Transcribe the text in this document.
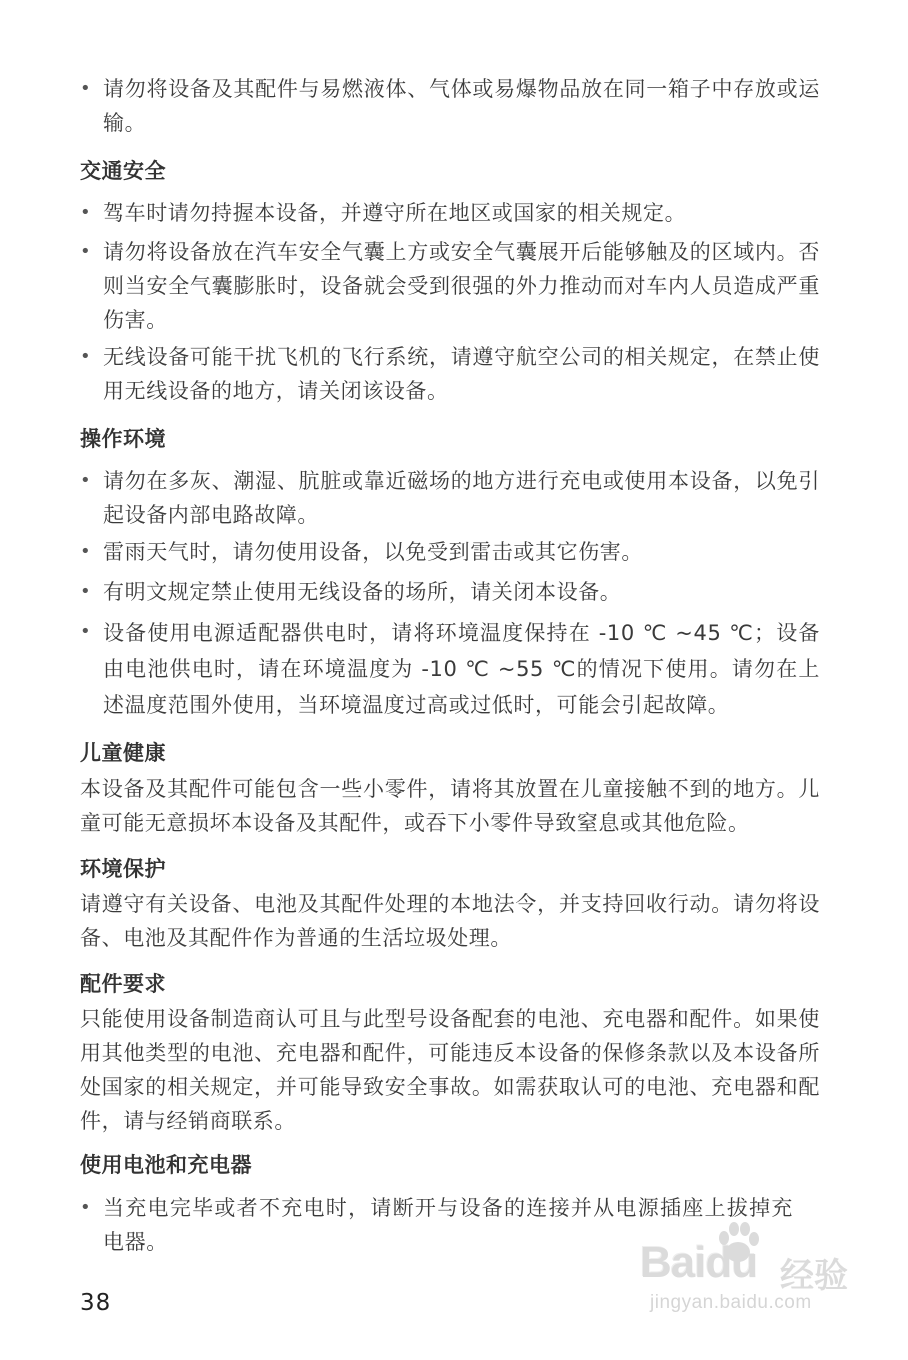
• 请勿将设备及其配件与易燃液体、气体或易爆物品放在同一箱子中存放或运输。

交通安全
• 驾车时请勿持握本设备，并遵守所在地区或国家的相关规定。

• 请勿将设备放在汽车安全气囊上方或安全气囊展开后能够触及的区域内。否则当安全气囊膨胀时，设备就会受到很强的外力推动而对车内人员造成严重伤害。

• 无线设备可能干扰飞机的飞行系统，请遵守航空公司的相关规定，在禁止使用无线设备的地方，请关闭该设备。

操作环境
• 请勿在多灰、潮湿、肮脏或靠近磁场的地方进行充电或使用本设备，以免引起设备内部电路故障。

• 雷雨天气时，请勿使用设备，以免受到雷击或其它伤害。

• 有明文规定禁止使用无线设备的场所，请关闭本设备。

• 设备使用电源适配器供电时，请将环境温度保持在 -10 ℃ ~45 ℃；设备由电池供电时，请在环境温度为 -10 ℃ ~55 ℃的情况下使用。请勿在上述温度范围外使用，当环境温度过高或过低时，可能会引起故障。

儿童健康

本设备及其配件可能包含一些小零件，请将其放置在儿童接触不到的地方。儿童可能无意损坏本设备及其配件，或吞下小零件导致窒息或其他危险。

环境保护

请遵守有关设备、电池及其配件处理的本地法令，并支持回收行动。请勿将设备、电池及其配件作为普通的生活垃圾处理。

配件要求

只能使用设备制造商认可且与此型号设备配套的电池、充电器和配件。如果使用其他类型的电池、充电器和配件，可能违反本设备的保修条款以及本设备所处国家的相关规定，并可能导致安全事故。如需获取认可的电池、充电器和配件，请与经销商联系。

使用电池和充电器
• 当充电完毕或者不充电时，请断开与设备的连接并从电源插座上拔掉充电器。

38
Baidu 经验
jingyan.baidu.com
